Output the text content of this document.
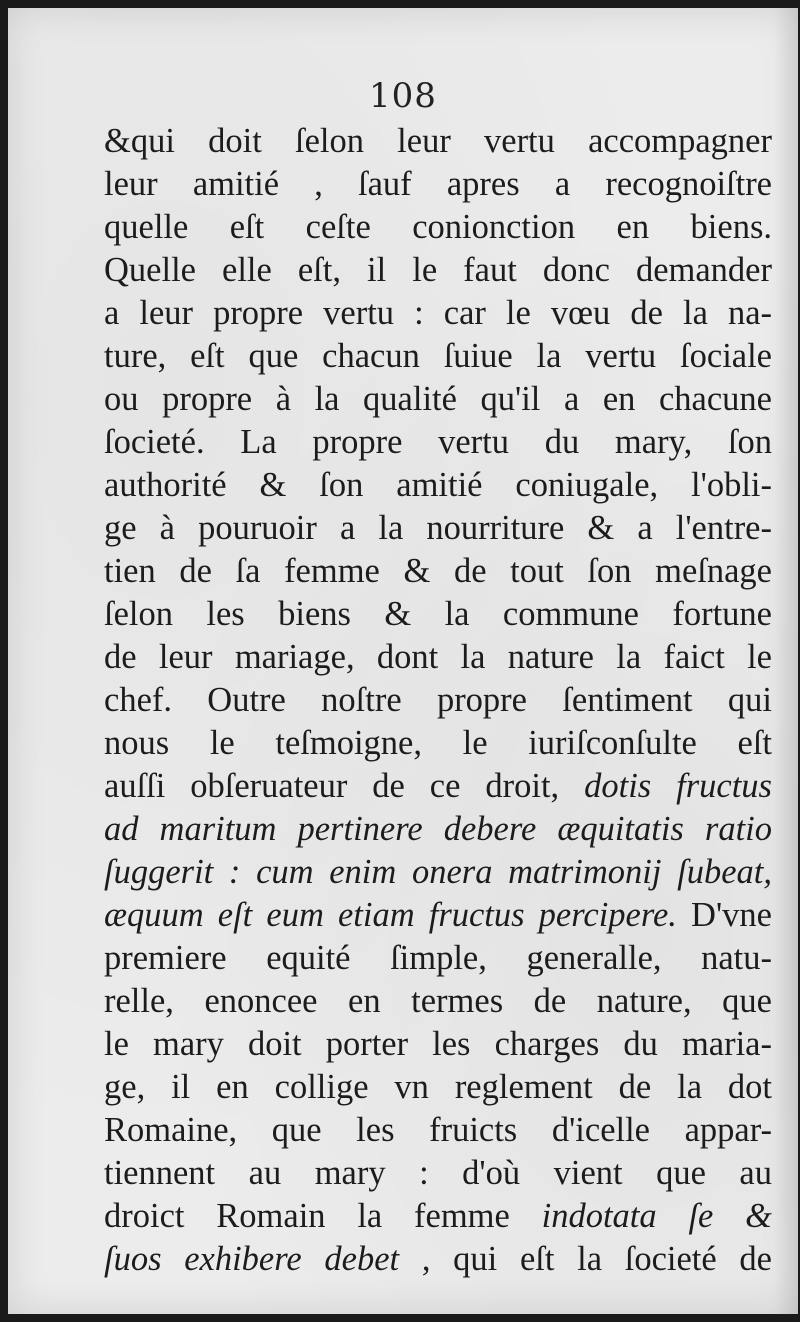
108
&qui doit ſelon leur vertu accompagner
leur amitié , ſauf apres a recognoiſtre
quelle eſt ceſte conionction en biens.
Quelle elle eſt, il le faut donc demander
a leur propre vertu : car le vœu de la na-
ture, eſt que chacun ſuiue la vertu ſociale
ou propre à la qualité qu'il a en chacune
ſocieté. La propre vertu du mary, ſon
authorité & ſon amitié coniugale, l'obli-
ge à pouruoir a la nourriture & a l'entre-
tien de ſa femme & de tout ſon meſnage
ſelon les biens & la commune fortune
de leur mariage, dont la nature la faict le
chef. Outre noſtre propre ſentiment qui
nous le teſmoigne, le iuriſconſulte eſt
auſſi obſeruateur de ce droit, dotis fructus
ad maritum pertinere debere æquitatis ratio
ſuggerit : cum enim onera matrimonij ſubeat,
æquum eſt eum etiam fructus percipere. D'vne
premiere equité ſimple, generalle, natu-
relle, enoncee en termes de nature, que
le mary doit porter les charges du maria-
ge, il en collige vn reglement de la dot
Romaine, que les fruicts d'icelle appar-
tiennent au mary : d'où vient que au
droict Romain la femme indotata ſe &
ſuos exhibere debet , qui eſt la ſocieté de
